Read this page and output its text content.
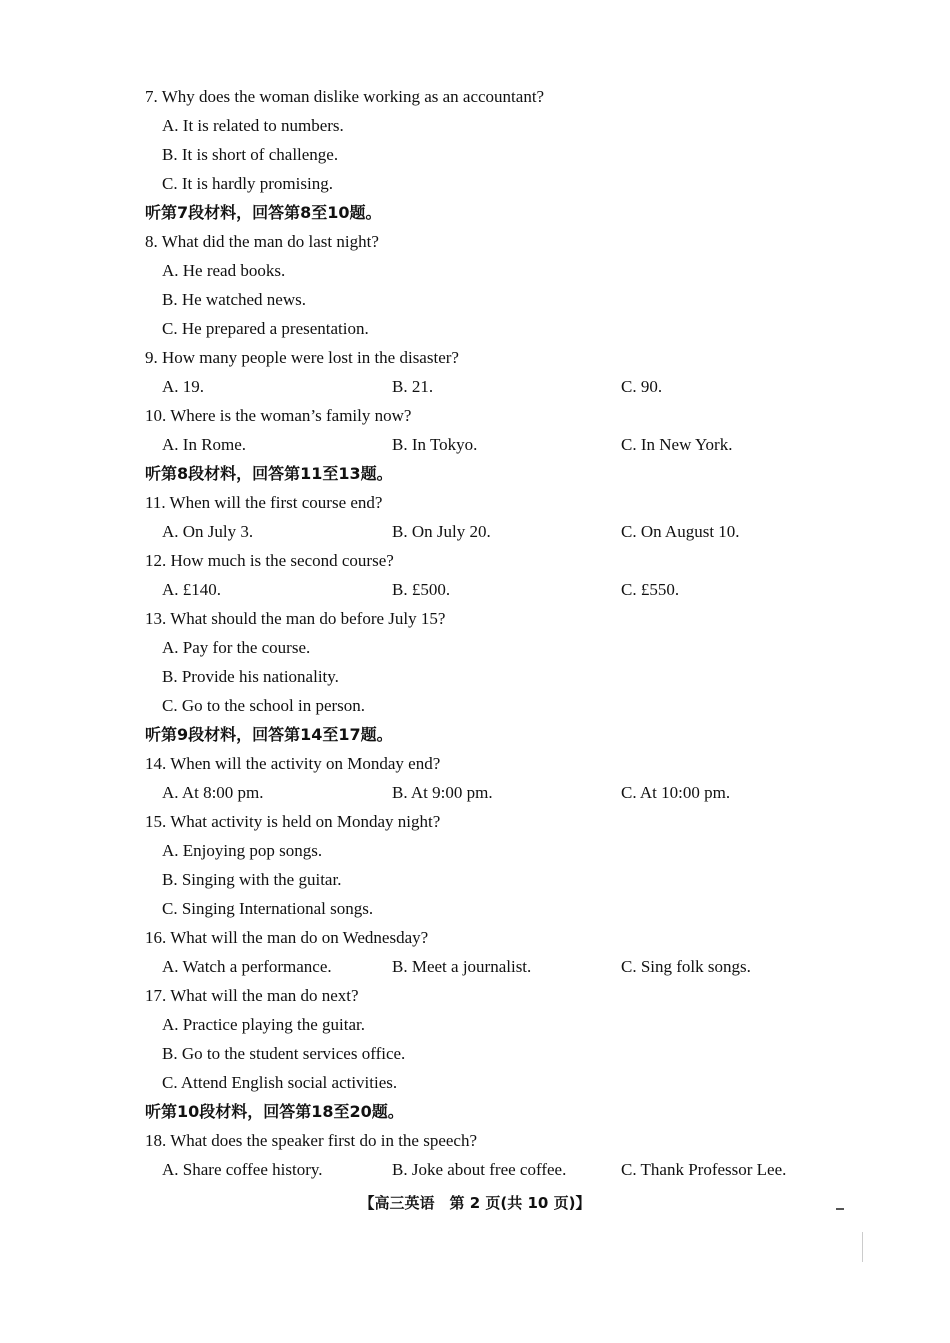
7. Why does the woman dislike working as an accountant?
A. It is related to numbers.
B. It is short of challenge.
C. It is hardly promising.
听第7段材料，回答第8至10题。
8. What did the man do last night?
A. He read books.
B. He watched news.
C. He prepared a presentation.
9. How many people were lost in the disaster?
A. 19.	B. 21.	C. 90.
10. Where is the woman’s family now?
A. In Rome.	B. In Tokyo.	C. In New York.
听第8段材料，回答第11至13题。
11. When will the first course end?
A. On July 3.	B. On July 20.	C. On August 10.
12. How much is the second course?
A. £140.	B. £500.	C. £550.
13. What should the man do before July 15?
A. Pay for the course.
B. Provide his nationality.
C. Go to the school in person.
听第9段材料，回答第14至17题。
14. When will the activity on Monday end?
A. At 8:00 pm.	B. At 9:00 pm.	C. At 10:00 pm.
15. What activity is held on Monday night?
A. Enjoying pop songs.
B. Singing with the guitar.
C. Singing International songs.
16. What will the man do on Wednesday?
A. Watch a performance.	B. Meet a journalist.	C. Sing folk songs.
17. What will the man do next?
A. Practice playing the guitar.
B. Go to the student services office.
C. Attend English social activities.
听第10段材料，回答第18至20题。
18. What does the speaker first do in the speech?
A. Share coffee history.	B. Joke about free coffee.	C. Thank Professor Lee.
【高三英语　第 2 页(共 10 页)】
